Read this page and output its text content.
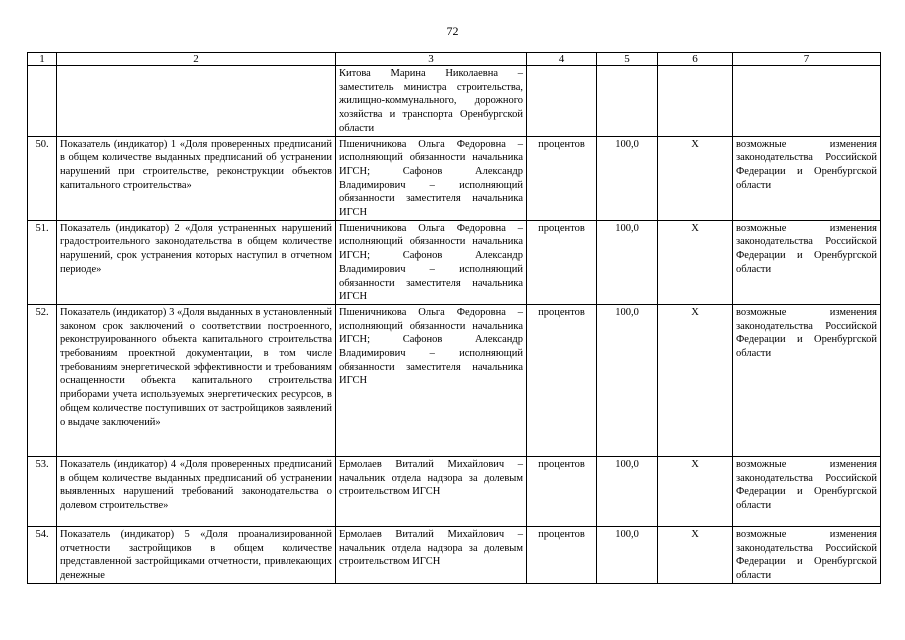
72
1	2	3	4	5	6	7
		Китова Марина Николаевна – заместитель министра строительства, жилищно-коммунального, дорожного хозяйства и транспорта Оренбургской области				
50.	Показатель (индикатор) 1 «Доля проверенных предписаний в общем количестве выданных предписаний об устранении нарушений при строительстве, реконструкции объектов капитального строительства»	Пшеничникова Ольга Федоровна – исполняющий обязанности начальника ИГСН; Сафонов Александр Владимирович – исполняющий обязанности заместителя начальника ИГСН	процентов	100,0	Х	возможные изменения законодательства Российской Федерации и Оренбургской области
51.	Показатель (индикатор) 2 «Доля устраненных нарушений градостроительного законодательства в общем количестве нарушений, срок устранения которых наступил в отчетном периоде»	Пшеничникова Ольга Федоровна – исполняющий обязанности начальника ИГСН; Сафонов Александр Владимирович – исполняющий обязанности заместителя начальника ИГСН	процентов	100,0	Х	возможные изменения законодательства Российской Федерации и Оренбургской области
52.	Показатель (индикатор) 3 «Доля выданных в установленный законом срок заключений о соответствии построенного, реконструированного объекта капитального строительства требованиям проектной документации, в том числе требованиям энергетической эффективности и требованиям оснащенности объекта капитального строительства приборами учета используемых энергетических ресурсов, в общем количестве поступивших от застройщиков заявлений о выдаче заключений»	Пшеничникова Ольга Федоровна – исполняющий обязанности начальника ИГСН; Сафонов Александр Владимирович – исполняющий обязанности заместителя начальника ИГСН	процентов	100,0	Х	возможные изменения законодательства Российской Федерации и Оренбургской области
53.	Показатель (индикатор) 4 «Доля проверенных предписаний в общем количестве выданных предписаний об устранении выявленных нарушений требований законодательства о долевом строительстве»	Ермолаев Виталий Михайлович – начальник отдела надзора за долевым строительством ИГСН	процентов	100,0	Х	возможные изменения законодательства Российской Федерации и Оренбургской области
54.	Показатель (индикатор) 5 «Доля проанализированной отчетности застройщиков в общем количестве представленной застройщиками отчетности, привлекающих денежные	Ермолаев Виталий Михайлович – начальник отдела надзора за долевым строительством ИГСН	процентов	100,0	Х	возможные изменения законодательства Российской Федерации и Оренбургской области
